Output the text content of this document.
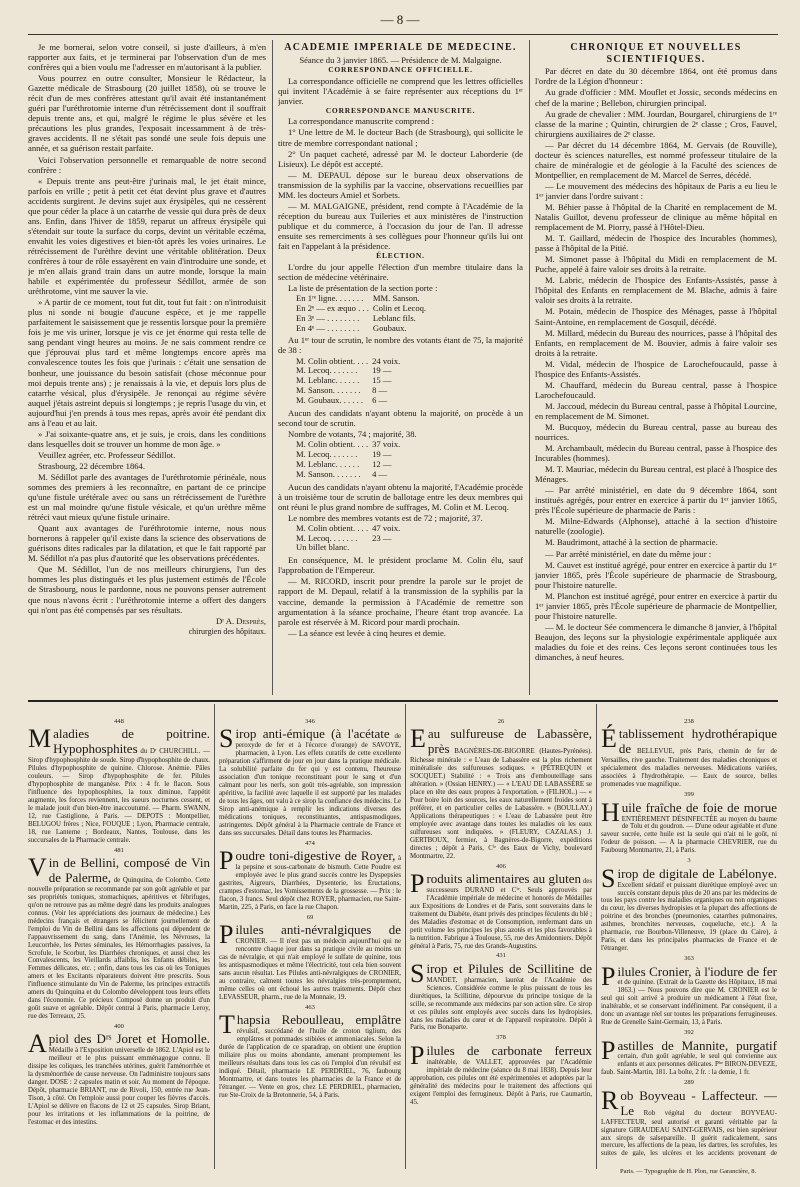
— 8 —

Je me bornerai, selon votre conseil, si juste d'ailleurs, à m'en rapporter aux faits, et je terminerai par l'observation d'un de mes confrères qui a bien voulu me l'adresser en m'autorisant à la publier.

Vous pourrez en outre consulter, Monsieur le Rédacteur, la Gazette médicale de Strasbourg (20 juillet 1858), où se trouve le récit d'un de mes confrères attestant qu'il avait été instantanément guéri par l'uréthrotomie interne d'un rétrécissement dont il souffrait depuis trente ans, et qui, malgré le régime le plus sévère et les précautions les plus grandes, l'exposait incessamment à de très-graves accidents. Il ne s'était pas sondé une seule fois depuis une année, et sa guérison restait parfaite.

Voici l'observation personnelle et remarquable de notre second confrère :

« Depuis trente ans peut-être j'urinais mal, le jet était mince, parfois en vrille ; petit à petit cet état devint plus grave et d'autres accidents surgirent. Je devins sujet aux érysipèles, qui ne cessèrent que pour céder la place à un catarrhe de vessie qui dura près de deux ans. Enfin, dans l'hiver de 1859, reparut un affreux érysipèle qui s'étendait sur toute la surface du corps, devint un véritable eczéma, envahit les voies digestives et bien-tôt après les voies urinaires. Le rétrécissement de l'urèthre devint une véritable oblitération. Deux confrères à tour de rôle essayèrent en vain d'introduire une sonde, et je m'en allais grand train dans un autre monde, lorsque la main habile et expérimentée du professeur Sédillot, armée de son uréthrotome, vint me sauver la vie.

» A partir de ce moment, tout fut dit, tout fut fait : on n'introduisit plus ni sonde ni bougie d'aucune espèce, et je me rappelle parfaitement le saisissement que je ressentis lorsque pour la première fois je me vis uriner, lorsque je vis ce jet énorme qui resta telle de sang pendant vingt heures au moins. Je ne sais comment rendre ce que j'éprouvai plus tard et même longtemps encore après ma convalescence toutes les fois que j'urinais : c'était une sensation de bonheur, une jouissance du besoin satisfait (chose méconnue pour moi depuis trente ans) ; je renaissais à la vie, et depuis lors plus de catarrhe vésical, plus d'érysipèle. Je renonçai au régime sévère auquel j'étais astreint depuis si longtemps ; je repris l'usage du vin, et aujourd'hui j'en prends à tous mes repas, après avoir été pendant dix ans à l'eau et au lait.

» J'ai soixante-quatre ans, et je suis, je crois, dans les conditions dans lesquelles doit se trouver un homme de mon âge. »

Veuillez agréer, etc. Professeur Sédillot.

Strasbourg, 22 décembre 1864.

M. Sédillot parle des avantages de l'uréthrotomie périnéale, nous sommes des premiers à les reconnaître, en partant de ce principe qu'une fistule urétérale avec ou sans un rétrécissement de l'urèthre est un mal moindre qu'une fistule vésicale, et qu'un urèthre même rétréci vaut mieux qu'une fistule urinaire.

Quant aux avantages de l'uréthrotomie interne, nous nous bornerons à rappeler qu'il existe dans la science des observations de guérisons dites radicales par la dilatation, et que le fait rapporté par M. Sédillot n'a pas plus d'autorité que les observations précédentes.

Que M. Sédillot, l'un de nos meilleurs chirurgiens, l'un des hommes les plus distingués et les plus justement estimés de l'École de Strasbourg, nous le pardonne, nous ne pouvons penser autrement que nous n'avons écrit : l'uréthrotomie interne a offert des dangers qui n'ont pas été compensés par ses résultats.

Dʳ A. Desprès,

chirurgien des hôpitaux.

ACADÉMIE IMPÉRIALE DE MÉDECINE.

Séance du 3 janvier 1865. — Présidence de M. Malgaigne.

CORRESPONDANCE OFFICIELLE.

La correspondance officielle ne comprend que les lettres officielles qui invitent l'Académie à se faire représenter aux réceptions du 1ᵉʳ janvier.

CORRESPONDANCE MANUSCRITE.

La correspondance manuscrite comprend :

1° Une lettre de M. le docteur Bach (de Strasbourg), qui sollicite le titre de membre correspondant national ;

2° Un paquet cacheté, adressé par M. le docteur Laborderie (de Lisieux). Le dépôt est accepté.

— M. DEPAUL dépose sur le bureau deux observations de transmission de la syphilis par la vaccine, observations recueillies par MM. les docteurs Amiel et Sorbets.

— M. MALGAIGNE, président, rend compte à l'Académie de la réception du bureau aux Tuileries et aux ministères de l'instruction publique et du commerce, à l'occasion du jour de l'an. Il adresse ensuite ses remerciments à ses collègues pour l'honneur qu'ils lui ont fait en l'appelant à la présidence.

ÉLECTION.

L'ordre du jour appelle l'élection d'un membre titulaire dans la section de médecine vétérinaire.

La liste de présentation de la section porte :

En 1ʳᵉ ligne. . . . . . .	MM. Sanson.
En 2ᵉ — ex æquo . . .	Colin et Lecoq.
En 3ᵉ — . . . . . . . .	Leblanc fils.
En 4ᵉ — . . . . . . . .	Goubaux.

Au 1ᵉʳ tour de scrutin, le nombre des votants étant de 75, la majorité de 38 :

M. Colin obtient. . . .	24 voix.
M. Lecoq. . . . . . .	19 —
M. Leblanc. . . . . .	15 —
M. Sanson. . . . . . .	8 —
M. Goubaux. . . . . .	6 —

Aucun des candidats n'ayant obtenu la majorité, on procède à un second tour de scrutin.

Nombre de votants, 74 ; majorité, 38.

M. Colin obtient. . . .	37 voix.
M. Lecoq. . . . . . .	19 —
M. Leblanc. . . . . .	12 —
M. Sanson. . . . . . .	4 —

Aucun des candidats n'ayant obtenu la majorité, l'Académie procède à un troisième tour de scrutin de ballotage entre les deux membres qui ont réuni le plus grand nombre de suffrages, M. Colin et M. Lecoq.

Le nombre des membres votants est de 72 ; majorité, 37.

M. Colin obtient. . . .	47 voix.
M. Lecoq. . . . . . .	23 —
Un billet blanc.	

En conséquence, M. le président proclame M. Colin élu, sauf l'approbation de l'Empereur.

— M. RICORD, inscrit pour prendre la parole sur le projet de rapport de M. Depaul, relatif à la transmission de la syphilis par la vaccine, demande la permission à l'Académie de remettre son argumentation à la séance prochaine, l'heure étant trop avancée. La parole est réservée à M. Ricord pour mardi prochain.

— La séance est levée à cinq heures et demie.

CHRONIQUE ET NOUVELLES SCIENTIFIQUES.

Par décret en date du 30 décembre 1864, ont été promus dans l'ordre de la Légion d'honneur :

Au grade d'officier : MM. Mouflet et Jossic, seconds médecins en chef de la marine ; Bellebon, chirurgien principal.

Au grade de chevalier : MM. Jourdan, Bourgarel, chirurgiens de 1ʳᵉ classe de la marine ; Quintin, chirurgien de 2ᵉ classe ; Cros, Fauvel, chirurgiens auxiliaires de 2ᵉ classe.

— Par décret du 14 décembre 1864, M. Gervais (de Rouville), docteur ès sciences naturelles, est nommé professeur titulaire de la chaire de minéralogie et de géologie à la Faculté des sciences de Montpellier, en remplacement de M. Marcel de Serres, décédé.

— Le mouvement des médecins des hôpitaux de Paris a eu lieu le 1ᵉʳ janvier dans l'ordre suivant :

M. Béhier passe à l'hôpital de la Charité en remplacement de M. Natalis Guillot, devenu professeur de clinique au même hôpital en remplacement de M. Piorry, passé à l'Hôtel-Dieu.

M. T. Gaillard, médecin de l'hospice des Incurables (hommes), passe à l'hôpital de la Pitié.

M. Simonet passe à l'hôpital du Midi en remplacement de M. Puche, appelé à faire valoir ses droits à la retraite.

M. Labric, médecin de l'hospice des Enfants-Assistés, passe à l'hôpital des Enfants en remplacement de M. Blache, admis à faire valoir ses droits à la retraite.

M. Potain, médecin de l'hospice des Ménages, passe à l'hôpital Saint-Antoine, en remplacement de Gosquil, décédé.

M. Millard, médecin du Bureau des nourrices, passe à l'hôpital des Enfants, en remplacement de M. Bouvier, admis à faire valoir ses droits à la retraite.

M. Vidal, médecin de l'hospice de Larochefoucauld, passe à l'hospice des Enfants-Assistés.

M. Chauffard, médecin du Bureau central, passe à l'hospice Larochefoucauld.

M. Jaccoud, médecin du Bureau central, passe à l'hôpital Lourcine, en remplacement de M. Simonet.

M. Bucquoy, médecin du Bureau central, passe au bureau des nourrices.

M. Archambault, médecin du Bureau central, passe à l'hospice des Incurables (hommes).

M. T. Mauriac, médecin du Bureau central, est placé à l'hospice des Ménages.

— Par arrêté ministériel, en date du 9 décembre 1864, sont institués agrégés, pour entrer en exercice à partir du 1ᵉʳ janvier 1865, près l'École supérieure de pharmacie de Paris :

M. Milne-Edwards (Alphonse), attaché à la section d'histoire naturelle (zoologie).

M. Baudrimont, attaché à la section de pharmacie.

— Par arrêté ministériel, en date du même jour :

M. Cauvet est institué agrégé, pour entrer en exercice à partir du 1ᵉʳ janvier 1865, près l'École supérieure de pharmacie de Strasbourg, pour l'histoire naturelle.

M. Planchon est institué agrégé, pour entrer en exercice à partir du 1ᵉʳ janvier 1865, près l'École supérieure de pharmacie de Montpellier, pour l'histoire naturelle.

— M. le docteur Sée commencera le dimanche 8 janvier, à l'hôpital Beaujon, des leçons sur la physiologie expérimentale appliquée aux maladies du foie et des reins. Ces leçons seront continuées tous les dimanches, à neuf heures.

448
M aladies de poitrine. Hypophosphites du Dʳ CHURCHILL. — Sirop d'hypophosphite de soude. Sirop d'hypophosphite de chaux. Pilules d'hypophosphite de quinine. Chlorose. Anémie. Pâles couleurs. — Sirop d'hypophosphite de fer. Pilules d'hypophosphite de manganèse. Prix : 4 fr. le flacon. Sous l'influence des hypophosphites, la toux diminue, l'appétit augmente, les forces reviennent, les sueurs nocturnes cessent, et le malade jouit d'un bien-être inaccoutumé. — Pharm. SWANN, 12, rue Castiglione, à Paris. — DEPOTS : Montpellier, BELUGOU frères ; Nice, FOUQUE ; Lyon, Pharmacie centrale, 18, rue Lanterne ; Bordeaux, Nantes, Toulouse, dans les succursales de la Pharmacie centrale.
481
V in de Bellini, composé de Vin de Palerme, de Quinquina, de Colombo. Cette nouvelle préparation se recommande par son goût agréable et par ses propriétés toniques, stomachiques, apéritives et fébrifuges, qu'on ne retrouve pas au même degré dans les produits analogues connus. (Voir les appréciations des journaux de médecine.) Les médecins français et étrangers se félicitent journellement de l'emploi du Vin de Bellini dans les affections qui dépendent de l'appauvrissement du sang, dans l'Anémie, les Névroses, la Leucorrhée, les Pertes séminales, les Hémorrhagies passives, la Scrofule, le Scorbut, les Diarrhées chroniques, et aussi chez les Convalescents, les Vieillards affaiblis, les Enfants débiles, les Femmes délicates, etc. ; enfin, dans tous les cas où les Toniques amers et les Excitants réparateurs doivent être prescrits. Sous l'influence stimulante du Vin de Palerme, les principes extractifs amers du Quinquina et du Colombo développent tous leurs effets dans l'économie. Ce précieux Composé donne un produit d'un goût suave et agréable. Dépôt central à Paris, pharmacie Leroy, rue des Terreaux, 25.
400
A piol des Dʳˢ Joret et Homolle. Médaille à l'Exposition universelle de 1862. L'Apiol est le meilleur et le plus puissant emménagogue connu. Il dissipe les coliques, les tranchées utérines, guérit l'aménorrhée et la dysménorrhée de cause nerveuse. On l'administre toujours sans danger. DOSE : 2 capsules matin et soir. Au moment de l'époque. Dépôt, pharmacie BRIANT, rue de Rivoli, 150, entrée rue Jean-Tison, à côté. On l'emploie aussi pour couper les fièvres d'accès. L'Apiol se délivre en flacons de 12 et 25 capsules. Sirop Briant, pour les irritations et les inflammations de la poitrine, de l'estomac et des intestins.
346
S irop anti-émique (à l'acétate de peroxyde de fer et à l'écorce d'orange) de SAVOYE, pharmacien, à Lyon. Les effets curatifs de cette excellente préparation s'affirment de jour en jour dans la pratique médicale. La solubilité parfaite du fer qui y est contenu, l'heureuse association d'un tonique reconstituant pour le sang et d'un calmant pour les nerfs, son goût très-agréable, son impression apéritive, la facilité avec laquelle il est supporté par les malades de tous les âges, ont valu à ce sirop la confiance des médecins. Le Sirop anti-anémique à remplir les indications diverses des médications toniques, reconstituantes, antispasmodiques, astringentes. Dépôt général à la Pharmacie centrale de France et dans ses succursales. Détail dans toutes les Pharmacies.
474
P oudre toni-digestive de Royer, à la pepsine et sous-carbonate de bismuth. Cette Poudre est employée avec le plus grand succès contre les Dyspepsies gastrites, Aigreurs, Diarrhées, Dysenterie, les Éructations, crampes d'estomac, les Vomissements de la grossesse. — Prix : le flacon, 3 francs. Seul dépôt chez ROYER, pharmacien, rue Saint-Martin, 225, à Paris, en face la rue Chapon.
69
P ilules anti-névralgiques de CRONIER. — Il n'est pas un médecin aujourd'hui qui ne rencontre chaque jour dans sa pratique civile au moins un cas de névralgie, et qui n'ait employé le sulfate de quinine, tous les antispasmodiques et même l'électricité, tout cela bien souvent sans aucun résultat. Les Pilules anti-névralgiques de CRONIER, au contraire, calment toutes les névralgies très-promptement, même celles où ont échoué les autres traitements. Dépôt chez LEVASSEUR, pharm., rue de la Monnaie, 19.
463
T hapsia Reboulleau, emplâtre révulsif, succédané de l'huile de croton tiglium, des emplâtres et pommades stibiées et ammoniacales. Selon la durée de l'application de ce sparadrap, on obtient une éruption miliaire plus ou moins abondante, amenant promptement les meilleurs résultats dans tous les cas où l'emploi d'un révulsif est indiqué. Détail, pharmacie LE PERDRIEL, 76, faubourg Montmartre, et dans toutes les pharmacies de la France et de l'étranger. — Vente en gros, chez LE PERDRIEL, pharmacien, rue Ste-Croix de la Bretonnerie, 54, à Paris.
26
E au sulfureuse de Labassère, près BAGNÈRES-DE-BIGORRE (Hautes-Pyrénées). Richesse minérale : « L'eau de Labassère est la plus richement minéralisée des sulfureuses sodiques. » (PÉTREQUIN et SOCQUET.) Stabilité : « Trois ans d'embouteillage sans altération. » (Ossian HENRY.) — « L'EAU DE LABASSÈRE se place en tête des eaux propres à l'exportation. » (FILHOL.) — « Pour boire loin des sources, les eaux naturellement froides sont à préférer, et en particulier celles de Labassère. » (BOULLAY.) Applications thérapeutiques : « L'eau de Labassère peut être employée avec avantage dans toutes les maladies où les eaux sulfureuses sont indiquées. » (FLEURY, CAZALAS.) J. GERTBOUX, fermier, à Bagnères-de-Bigorre, expéditions directes ; dépôt à Paris, Cⁱᵉ des Eaux de Vichy, boulevard Montmartre, 22.
406
P roduits alimentaires au gluten des successeurs DURAND et Cⁱᵉ. Seuls approuvés par l'Académie impériale de médecine et honorés de Médailles aux Expositions de Londres et de Paris, sont souverains dans le traitement du Diabète, étant privés des principes féculents du blé ; des Maladies d'estomac et de Consomption, renfermant dans un petit volume les principes les plus azotés et les plus favorables à la nutrition. Fabrique à Toulouse, 55, rue des Amidonniers. Dépôt général à Paris, 75, rue des Grands-Augustins.
431
S irop et Pilules de Scillitine de MANDET, pharmacien, lauréat de l'Académie des Sciences. Considérée comme le plus puissant de tous les diurétiques, la Scillitine, dépourvue du principe toxique de la scille, se recommande aux médecins par son action sûre. Ce sirop et ces pilules sont employés avec succès dans les hydropisies, dans les maladies du cœur et de l'appareil respiratoire. Dépôt à Paris, rue Bonaparte.
378
P ilules de carbonate ferreux inaltérable, de VALLET, approuvées par l'Académie impériale de médecine (séance du 8 mai 1838). Depuis leur approbation, ces pilules ont été expérimentées et adoptées par la généralité des médecins pour le traitement des affections qui exigent l'emploi des ferrugineux. Dépôt à Paris, rue Caumartin, 45.
238
É tablissement hydrothérapique de BELLEVUE, près Paris, chemin de fer de Versailles, rive gauche. Traitement des maladies chroniques et spécialement des maladies nerveuses. Médications variées, associées à l'hydrothérapie. — Eaux de source, belles promenades vue magnifique.
399
H uile fraîche de foie de morue ENTIÈREMENT DÉSINFECTÉE au moyen du baume de Tolu et du goudron. — D'une odeur agréable et d'une saveur sucrée, cette huile est la seule qui n'ait ni le goût, ni l'odeur de poisson. — A la pharmacie CHEVRIER, rue du Faubourg Montmartre, 21, à Paris.
3
S irop de digitale de Labélonye. Excellent sédatif et puissant diurétique employé avec un succès constant depuis plus de 20 ans par les médecins de tous les pays contre les maladies organiques ou non organiques du cœur, les diverses hydropisies et la plupart des affections de poitrine et des bronches (pneumonies, catarrhes pulmonaires, asthmes, bronchites nerveuses, coqueluche, etc.). A la pharmacie, rue Bourbon-Villeneuve, 19 (place du Caire), à Paris, et dans les principales pharmacies de France et de l'étranger.
363
P ilules Cronier, à l'iodure de fer et de quinine. (Extrait de la Gazette des Hôpitaux, 18 mai 1863.) — Nous pouvons dire que M. CRONIER est le seul qui soit arrivé à produire un médicament à l'état fixe, inaltérable, et se conservant indéfiniment. Par conséquent, il a donc un avantage réel sur toutes les préparations ferrugineuses. Rue de Grenelle Saint-Germain, 13, à Paris.
392
P astilles de Mannite, purgatif certain, d'un goût agréable, le seul qui convienne aux enfants et aux personnes délicates. Pʰᵉ BIRON-DEVEZE, faub. Saint-Martin, 181. La boîte, 2 fr. : la demie, 1 fr.
289
R ob Boyveau - Laffecteur. — Le Rob végétal du docteur BOYVEAU-LAFFECTEUR, seul autorisé et garanti véritable par la signature GIRAUDEAU SAINT-GERVAIS, est bien supérieur aux sirops de salsepareille. Il guérit radicalement, sans mercure, les affections de la peau, les dartres, les scrofules, les suites de gale, les ulcères et les accidents provenant de
Paris. — Typographie de H. Plon, rue Garancière, 8.
